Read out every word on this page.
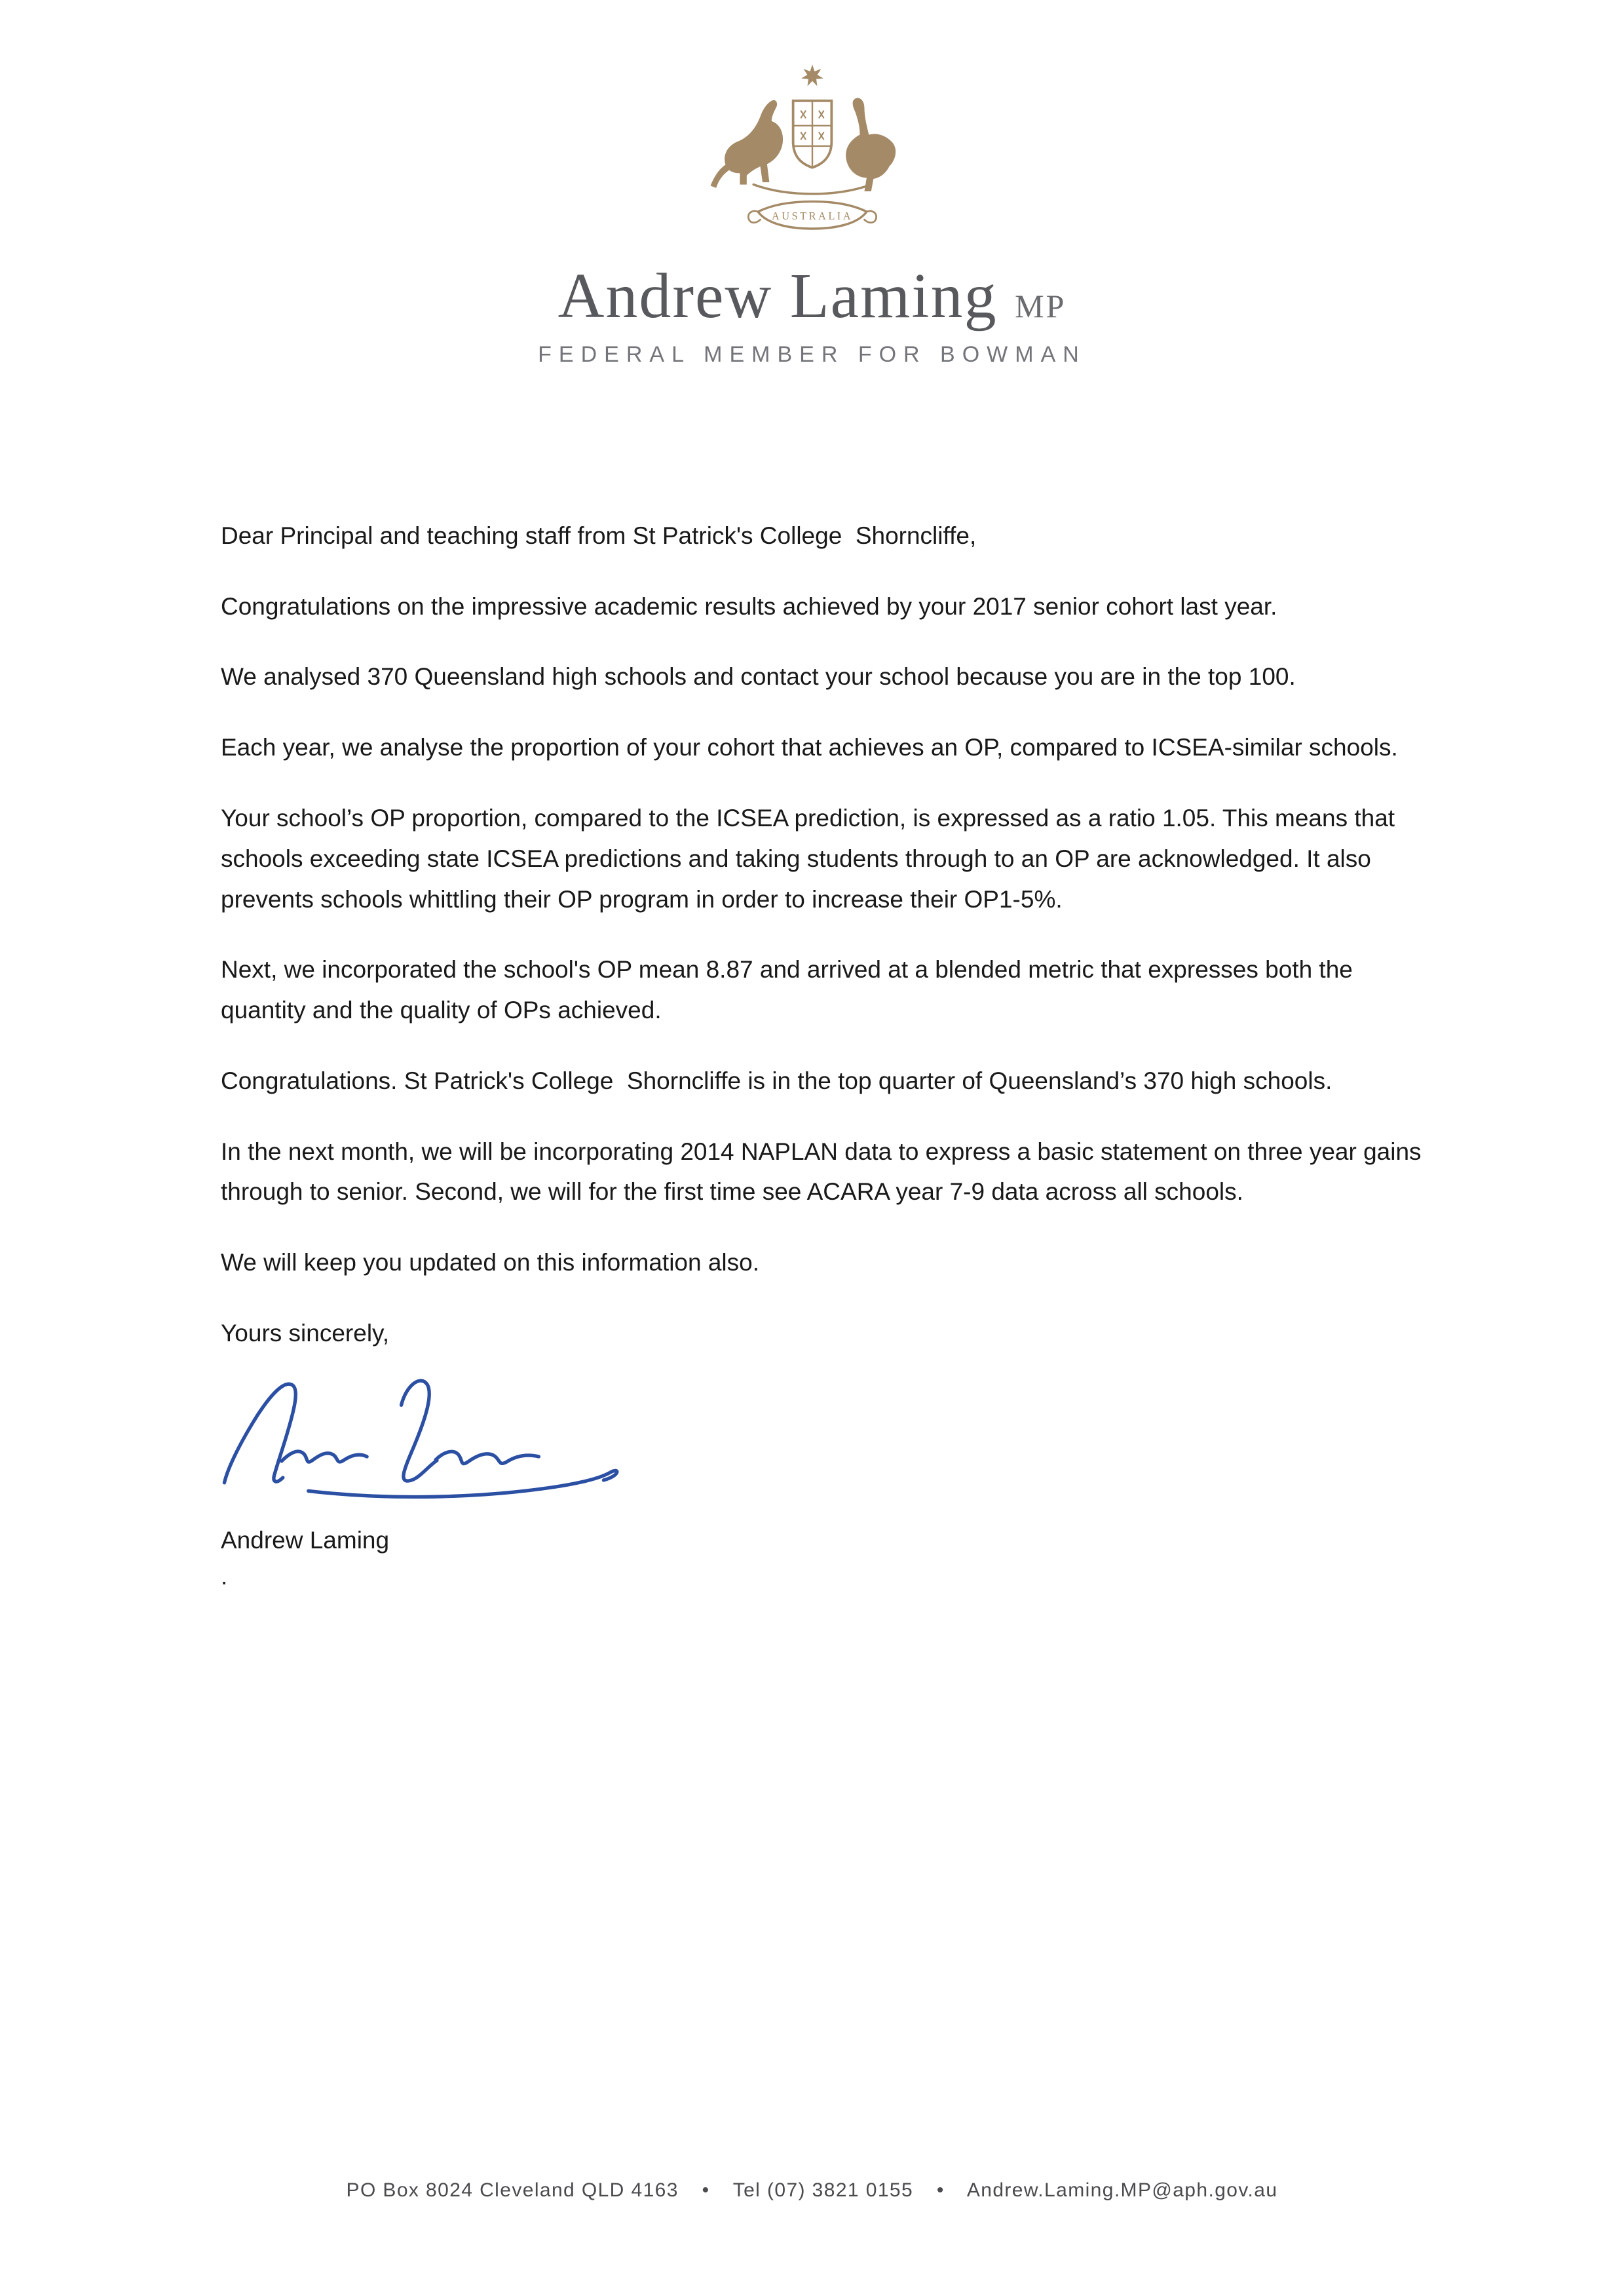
AUSTRALIA
Andrew Laming MP
FEDERAL MEMBER FOR BOWMAN

Dear Principal and teaching staff from St Patrick's College  Shorncliffe,

Congratulations on the impressive academic results achieved by your 2017 senior cohort last year.

We analysed 370 Queensland high schools and contact your school because you are in the top 100.

Each year, we analyse the proportion of your cohort that achieves an OP, compared to ICSEA-similar schools.

Your school’s OP proportion, compared to the ICSEA prediction, is expressed as a ratio 1.05. This means that schools exceeding state ICSEA predictions and taking students through to an OP are acknowledged. It also prevents schools whittling their OP program in order to increase their OP1-5%.

Next, we incorporated the school's OP mean 8.87 and arrived at a blended metric that expresses both the quantity and the quality of OPs achieved.

Congratulations. St Patrick's College  Shorncliffe is in the top quarter of Queensland’s 370 high schools.

In the next month, we will be incorporating 2014 NAPLAN data to express a basic statement on three year gains through to senior. Second, we will for the first time see ACARA year 7-9 data across all schools.

We will keep you updated on this information also.

Yours sincerely,

Andrew Laming

.

PO Box 8024 Cleveland QLD 4163 • Tel (07) 3821 0155 • Andrew.Laming.MP@aph.gov.au
